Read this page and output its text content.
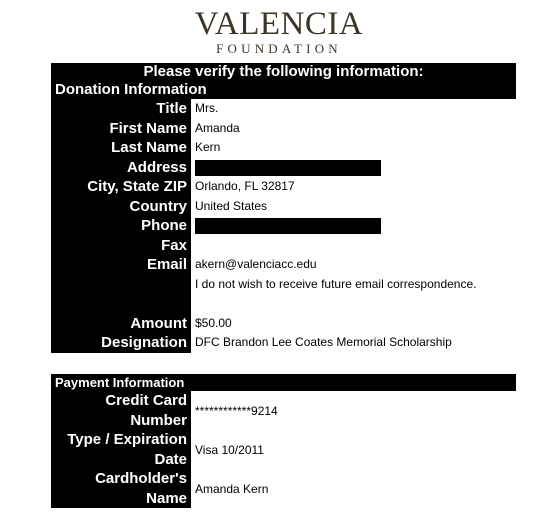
VALENCIA
FOUNDATION
Please verify the following information:
Donation Information
Title Mrs.
First Name Amanda
Last Name Kern
Address
City, State ZIP Orlando, FL 32817
Country United States
Phone
Fax
Email akern@valenciacc.edu
I do not wish to receive future email correspondence.
Amount $50.00
Designation DFC Brandon Lee Coates Memorial Scholarship
Payment Information
Credit Card
Number
************9214
Type / Expiration
Date
Visa 10/2011
Cardholder's
Name
Amanda Kern
